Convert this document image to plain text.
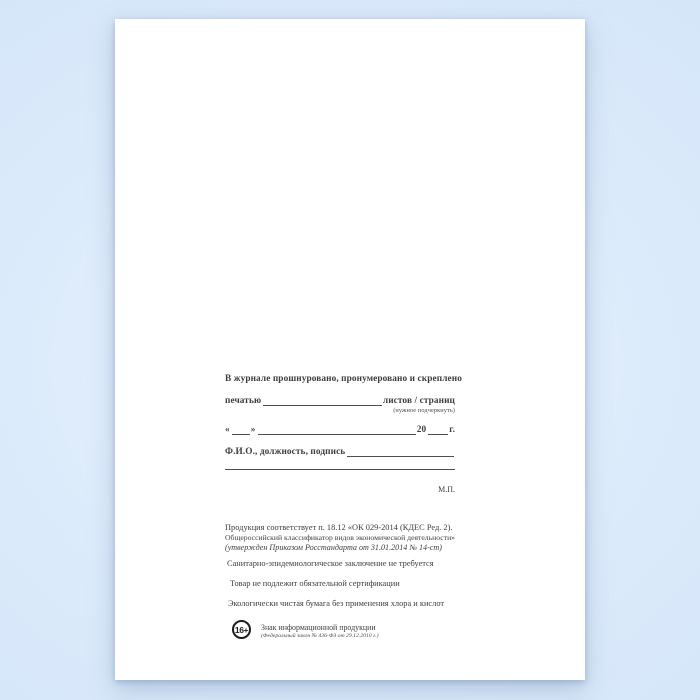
В журнале прошнуровано, пронумеровано и скреплено
печатью	листов / страниц
(нужное подчеркнуть)
« »	20 г.
Ф.И.О., должность, подпись
М.П.
Продукция соответствует п. 18.12 «ОК 029-2014 (КДЕС Ред. 2).
Общероссийский классификатор видов экономической деятельности»
(утвержден Приказом Росстандарта от 31.01.2014 № 14-ст)
Санитарно-эпидемиологическое заключение не требуется
Товар не подлежит обязательной сертификации
Экологически чистая бумага без применения хлора и кислот
16+	Знак информационной продукции
(Федеральный закон № 436-ФЗ от 29.12.2010 г.)
